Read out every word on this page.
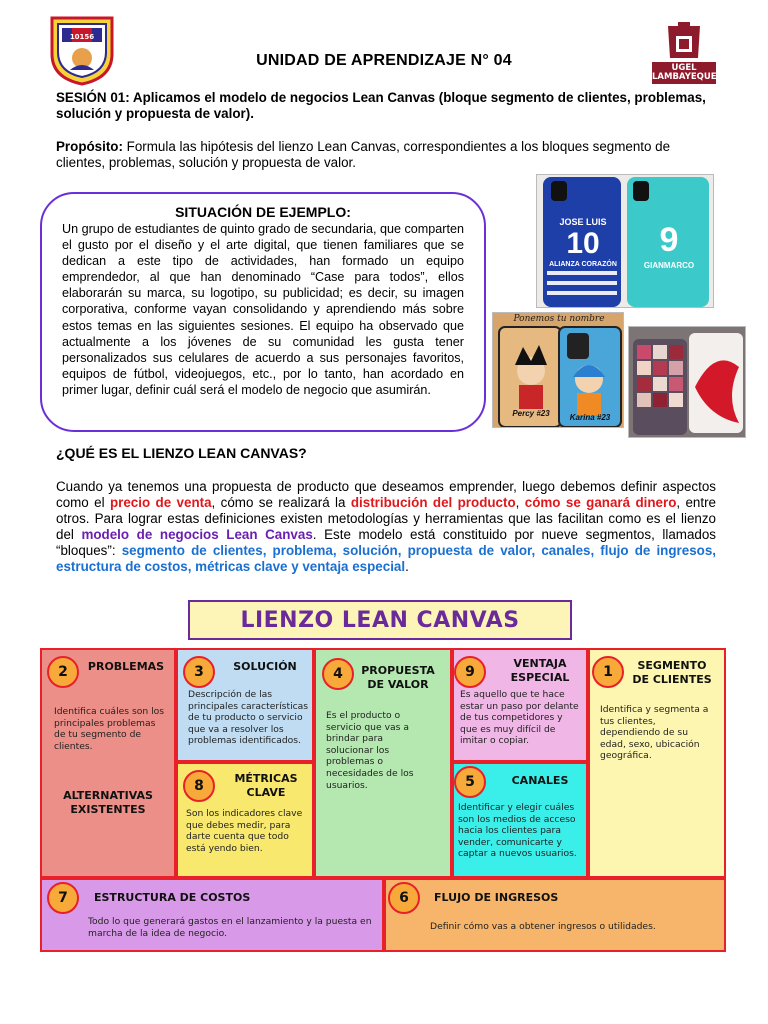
10156
UNIDAD DE APRENDIZAJE N° 04	UGEL
LAMBAYEQUE
SESIÓN 01: Aplicamos el modelo de negocios Lean Canvas (bloque segmento de clientes, problemas, solución y propuesta de valor).
Propósito: Formula las hipótesis del lienzo Lean Canvas, correspondientes a los bloques segmento de clientes, problemas, solución y propuesta de valor.
SITUACIÓN DE EJEMPLO:
Un grupo de estudiantes de quinto grado de secundaria, que comparten el gusto por el diseño y el arte digital, que tienen familiares que se dedican a este tipo de actividades, han formado un equipo emprendedor, al que han denominado “Case para todos”, ellos elaborarán su marca, su logotipo, su publicidad; es decir, su imagen corporativa, conforme vayan consolidando y aprendiendo más sobre estos temas en las siguientes sesiones. El equipo ha observado que actualmente a los jóvenes de su comunidad les gusta tener personalizados sus celulares de acuerdo a sus personajes favoritos, equipos de fútbol, videojuegos, etc., por lo tanto, han acordado en primer lugar, definir cuál será el modelo de negocio que asumirán.
JOSE LUIS
10
ALIANZA CORAZÓN
9
GIANMARCO
Ponemos tu nombre
Percy #23	Karina #23
¿QUÉ ES EL LIENZO LEAN CANVAS?
Cuando ya tenemos una propuesta de producto que deseamos emprender, luego debemos definir aspectos como el precio de venta, cómo se realizará la distribución del producto, cómo se ganará dinero, entre otros. Para lograr estas definiciones existen metodologías y herramientas que las facilitan como es el lienzo del modelo de negocios Lean Canvas. Este modelo está constituido por nueve segmentos, llamados “bloques”: segmento de clientes, problema, solución, propuesta de valor, canales, flujo de ingresos, estructura de costos, métricas clave y ventaja especial.
LIENZO LEAN CANVAS
2	PROBLEMAS
Identifica cuáles son los principales problemas de tu segmento de clientes.
ALTERNATIVAS EXISTENTES
3	SOLUCIÓN
Descripción de las principales características de tu producto o servicio que va a resolver los problemas identificados.
8	MÉTRICAS CLAVE
Son los indicadores clave que debes medir, para darte cuenta que todo está yendo bien.
4	PROPUESTA DE VALOR
Es el producto o servicio que vas a brindar para solucionar los problemas o necesidades de los usuarios.
9
VENTAJA ESPECIAL
Es aquello que te hace estar un paso por delante de tus competidores y que es muy difícil de imitar o copiar.
5	CANALES
Identificar y elegir cuáles son los medios de acceso hacia los clientes para vender, comunicarte y captar a nuevos usuarios.
1	SEGMENTO DE CLIENTES
Identifica y segmenta a tus clientes, dependiendo de su edad, sexo, ubicación geográfica.
7	ESTRUCTURA DE COSTOS
Todo lo que generará gastos en el lanzamiento y la puesta en marcha de la idea de negocio.
6	FLUJO DE INGRESOS
Definir cómo vas a obtener ingresos o utilidades.
